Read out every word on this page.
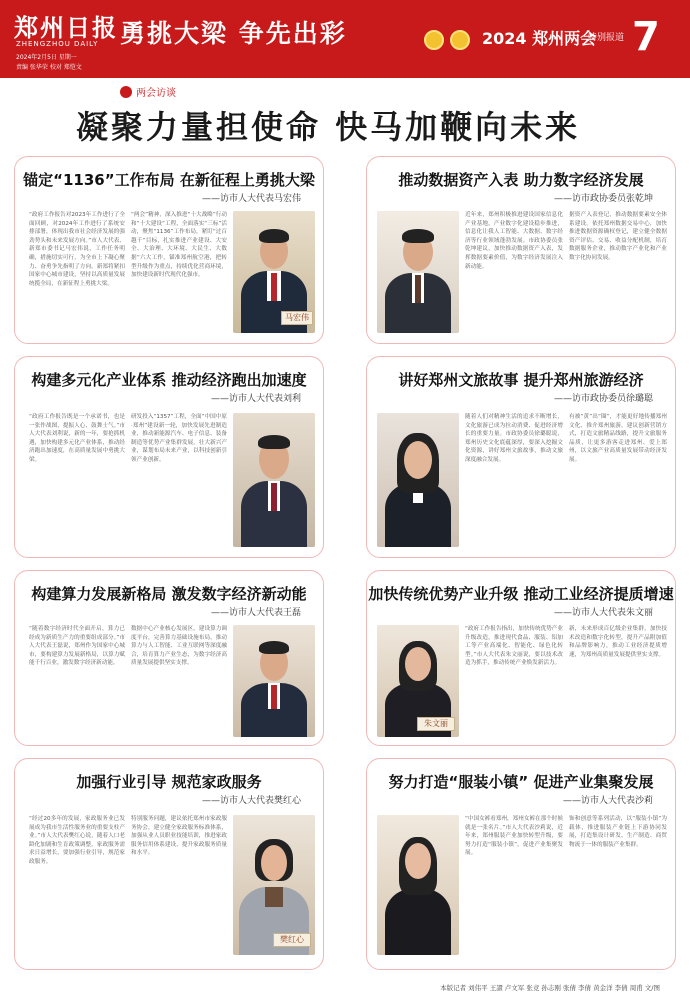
郑州日报
ZHENGZHOU DAILY
2024年2月5日 星期一
责编 张华荣 校对 郑恺文
勇挑大梁 争先出彩	2024 郑州两会
特别报道 7
两会访谈
凝聚力量担使命 快马加鞭向未来
锚定“1136”工作布局 在新征程上勇挑大梁
——访市人大代表马宏伟
“政府工作报告对2023年工作进行了全面回顾，对2024年工作进行了系统安排部署，体现出我市社会经济发展的强劲势头和未来发展方向。”市人大代表、新郑市委书记马宏伟说，工作任务明确，措施切实可行，为全市上下凝心聚力、奋勇争先指明了方向。新郑将紧扣国家中心城市建设，坚持以高质量发展统揽全局，在新征程上勇挑大梁。
“两会”精神，深入推进“十大战略”行动和“十大建设”工程，全面落实“三标”活动，聚焦“1136”工作布局，紧盯“过百越千”目标，扎实推进产业建设、大安全、大治理、大环境、大民生、大数据“六大工作，锚准郑州航空港，把转型升级作为重点，持续优化营商环境，加快建设新时代现代化强市。
马宏伟
推动数据资产入表 助力数字经济发展
——访市政协委员张乾坤
近年来，郑州积极推进建设国家信息化产业基地，产业数字化建设稳步推进，信息化让我人工智能、大数据、数字经济等行业领域蓬勃发展。市政协委员张乾坤建议，加快推动数据资产入表，发挥数据要素价值，为数字经济发展注入新动能。
据资产入表登记，推动数据要素安全体系建设。依托郑州数据交易中心，加快推进数据资源确权登记，建立健全数据资产评估、交易、收益分配机制，培育数据服务企业，推动数字产业化和产业数字化协同发展。
构建多元化产业体系 推动经济跑出加速度
——访市人大代表刘利
“政府工作报告既是一个承诺书，也是一张作战图，提振人心、鼓舞士气。”市人大代表刘利说，新的一年，要抢抓机遇，加快构建多元化产业体系，推动经济跑出加速度，在高质量发展中勇挑大梁。
研发投入“1357”工程，全面“中国中原·郑州”建设新一轮，加快发展先进制造业，推动新能源汽车、电子信息、装备制造等优势产业集群发展，壮大新兴产业，谋划布局未来产业，以科技创新引领产业创新。
讲好郑州文旅故事 提升郑州旅游经济
——访市政协委员徐璐聪
随着人们对精神生活的追求不断增长，文化旅游已成为拉动消费、促进经济增长的重要力量。市政协委员徐璐聪说，郑州历史文化底蕴深厚，要深入挖掘文化资源，讲好郑州文旅故事，推动文旅深度融合发展。
有被“黄”出“圈”，才能更好地传播郑州文化、推介郑州旅游。建议创新营销方式，打造文旅精品线路，提升文旅服务品质，让更多游客走进郑州、爱上郑州，以文旅产业高质量发展带动经济发展。
构建算力发展新格局 激发数字经济新动能
——访市人大代表王磊
“随着数字经济时代全面开启，算力已经成为新质生产力的重要组成部分。”市人大代表王磊说，郑州作为国家中心城市，要构建算力发展新格局，以算力赋能千行百业，激发数字经济新动能。
数据中心产业核心发展区，建设算力调度平台，完善算力基础设施布局，推动算力与人工智能、工业互联网等深度融合，培育算力产业生态，为数字经济高质量发展提供坚实支撑。
加快传统优势产业升级 推动工业经济提质增速
——访市人大代表朱文丽
朱文丽
“政府工作报告指出，加快传统优势产业升级改造，推进现代食品、服装、铝加工等产业高端化、智能化、绿色化转型。”市人大代表朱文丽说，要以技术改造为抓手，推动传统产业焕发新活力。
新，未来形成百亿级企业集群，加快技术改造和数字化转型，提升产品附加值和品牌影响力，推动工业经济提质增速，为郑州高质量发展提供坚实支撑。
加强行业引导 规范家政服务
——访市人大代表樊红心
“经过20多年的发展，家政服务业已发展成为我市生活性服务业的重要支柱产业。”市人大代表樊红心说，随着人口老龄化加剧和生育政策调整，家政服务需求日益增长，要加强行业引导，规范家政服务。
特别服务问题，建议依托郑州市家政服务协会，建立健全家政服务标准体系，加强从业人员职业技能培训，推进家政服务信用体系建设，提升家政服务质量和水平。
樊红心
努力打造“服装小镇” 促进产业集聚发展
——访市人大代表沙莉
“中国女裤看郑州，郑州女裤在那个时候就是一张名片。”市人大代表沙莉说，近年来，郑州服装产业加快转型升级，要努力打造“服装小镇”，促进产业集聚发展。
饰和创意等系列活动，以“服装小镇”为载体，推进服装产业链上下游协同发展，打造集设计研发、生产制造、商贸物流于一体的服装产业集群。
本版记者 刘伟平 王譞 卢文军 张竞 孙志刚 张倩 李倩 黄金洋 李倩 周甫 文/图
